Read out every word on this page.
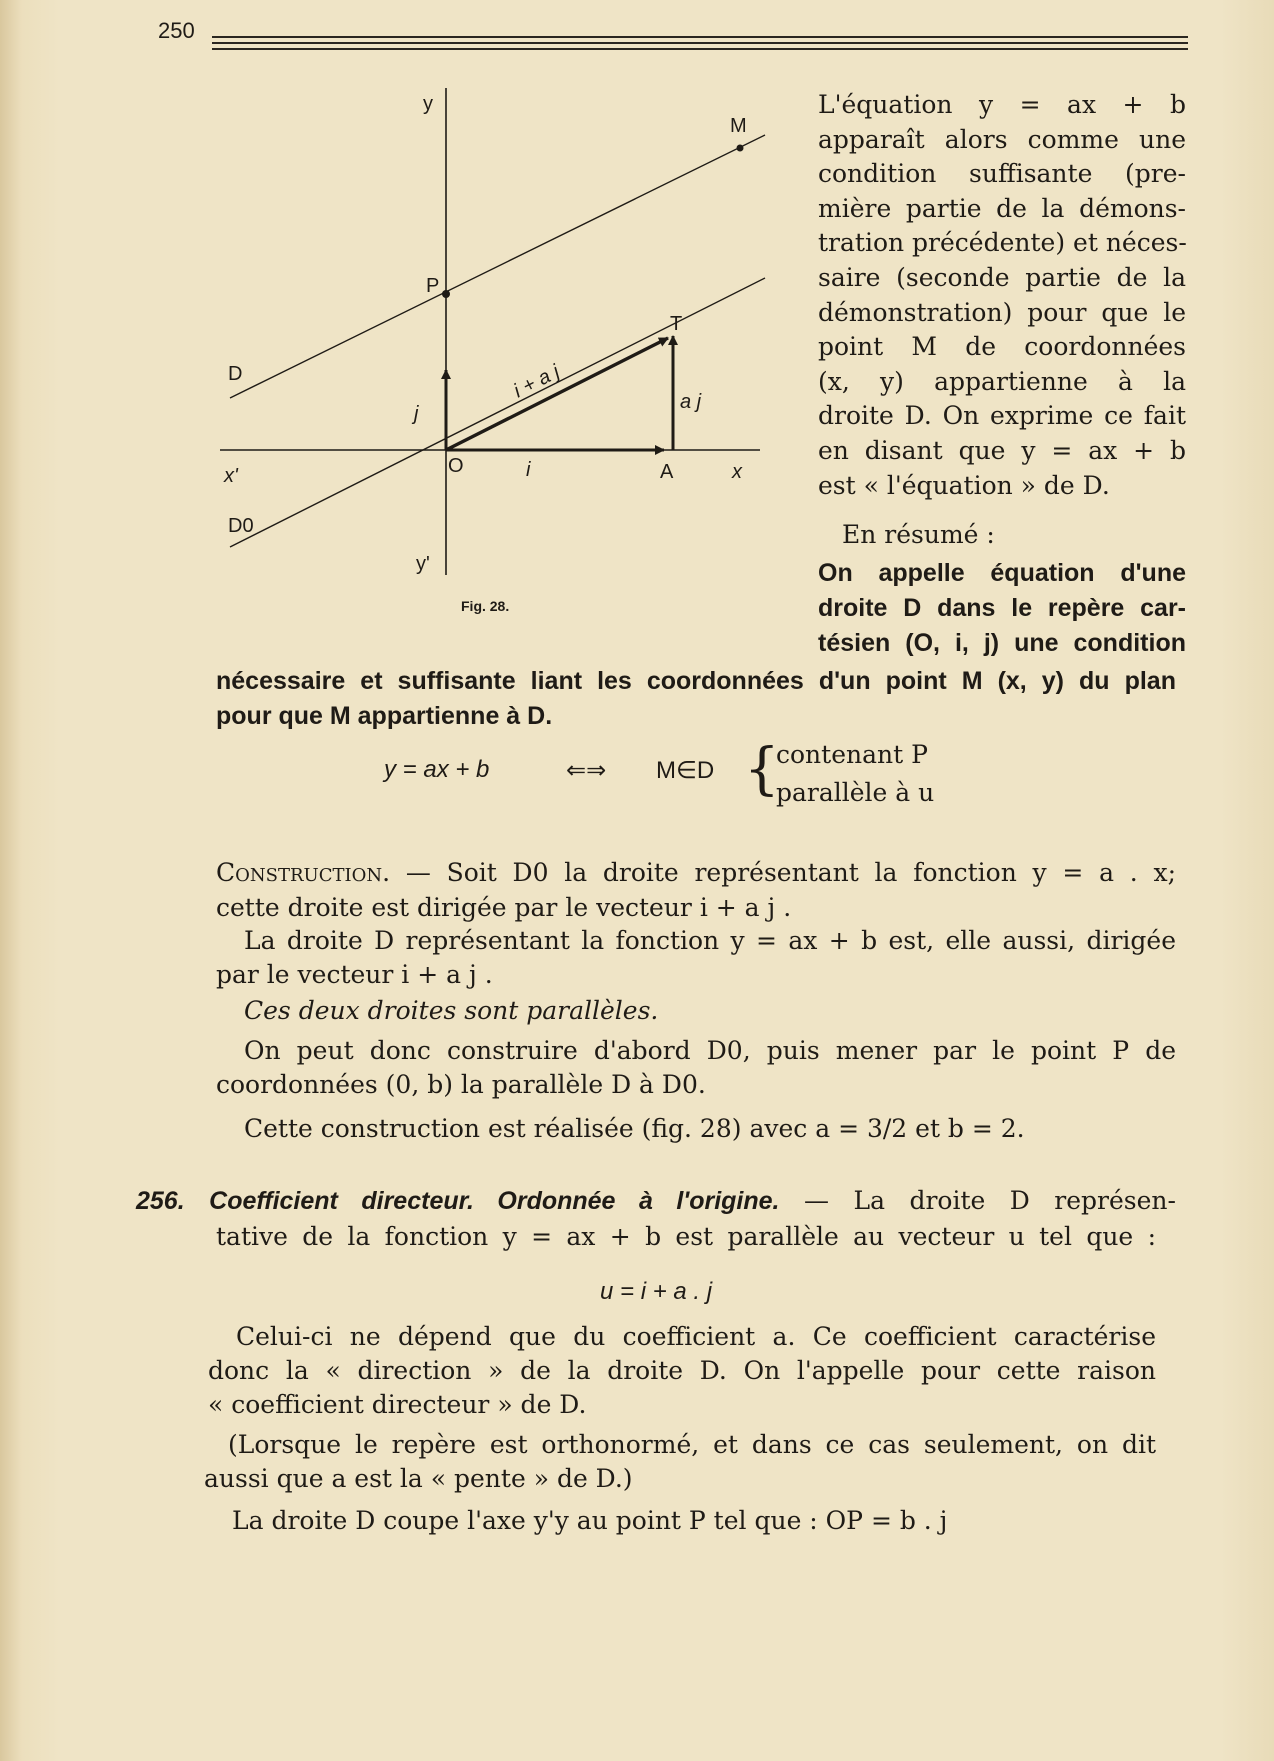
250
y
M
P
T
D
x'	x
O	A
i
j
a j
i + a j
D0
y'
Fig. 28.
L'équation y = ax + b
apparaît alors comme une
condition suffisante (pre-
mière partie de la démons-
tration précédente) et néces-
saire (seconde partie de la
démonstration) pour que le
point M de coordonnées
(x, y) appartienne à la
droite D. On exprime ce fait
en disant que y = ax + b
est « l'équation » de D.
En résumé :
On appelle équation d'une
droite D dans le repère car-
tésien (O, i, j) une condition
nécessaire et suffisante liant les coordonnées d'un point M (x, y) du plan
pour que M appartienne à D.
y = ax + b	⇐⇒ M∈D {
contenant P
parallèle à u
Construction. — Soit D0 la droite représentant la fonction y = a . x;
cette droite est dirigée par le vecteur i + a j .
La droite D représentant la fonction y = ax + b est, elle aussi, dirigée
par le vecteur i + a j .
Ces deux droites sont parallèles.
On peut donc construire d'abord D0, puis mener par le point P de
coordonnées (0, b) la parallèle D à D0.
Cette construction est réalisée (fig. 28) avec a = 3/2 et b = 2.
256. Coefficient directeur. Ordonnée à l'origine. — La droite D représen-
tative de la fonction y = ax + b est parallèle au vecteur u tel que :
u = i + a . j
Celui-ci ne dépend que du coefficient a. Ce coefficient caractérise
donc la « direction » de la droite D. On l'appelle pour cette raison
« coefficient directeur » de D.
(Lorsque le repère est orthonormé, et dans ce cas seulement, on dit
aussi que a est la « pente » de D.)
La droite D coupe l'axe y'y au point P tel que : OP = b . j
